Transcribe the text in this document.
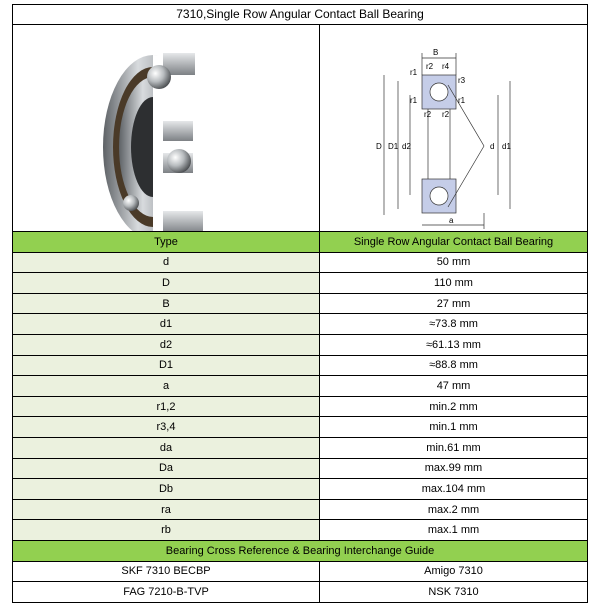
7310,Single Row Angular Contact Ball Bearing
B
r1
r2 r4
r3
r1	r1
r2 r2
D D1 d2	d d1
a
Type	Single Row Angular Contact Ball Bearing
d	50 mm
D	110 mm
B	27 mm
d1	≈73.8 mm
d2	≈61.13 mm
D1	≈88.8 mm
a	47 mm
r1,2	min.2 mm
r3,4	min.1 mm
da	min.61 mm
Da	max.99 mm
Db	max.104 mm
ra	max.2 mm
rb	max.1 mm
Bearing Cross Reference & Bearing Interchange Guide	
SKF 7310 BECBP	Amigo 7310
FAG 7210-B-TVP	NSK 7310
